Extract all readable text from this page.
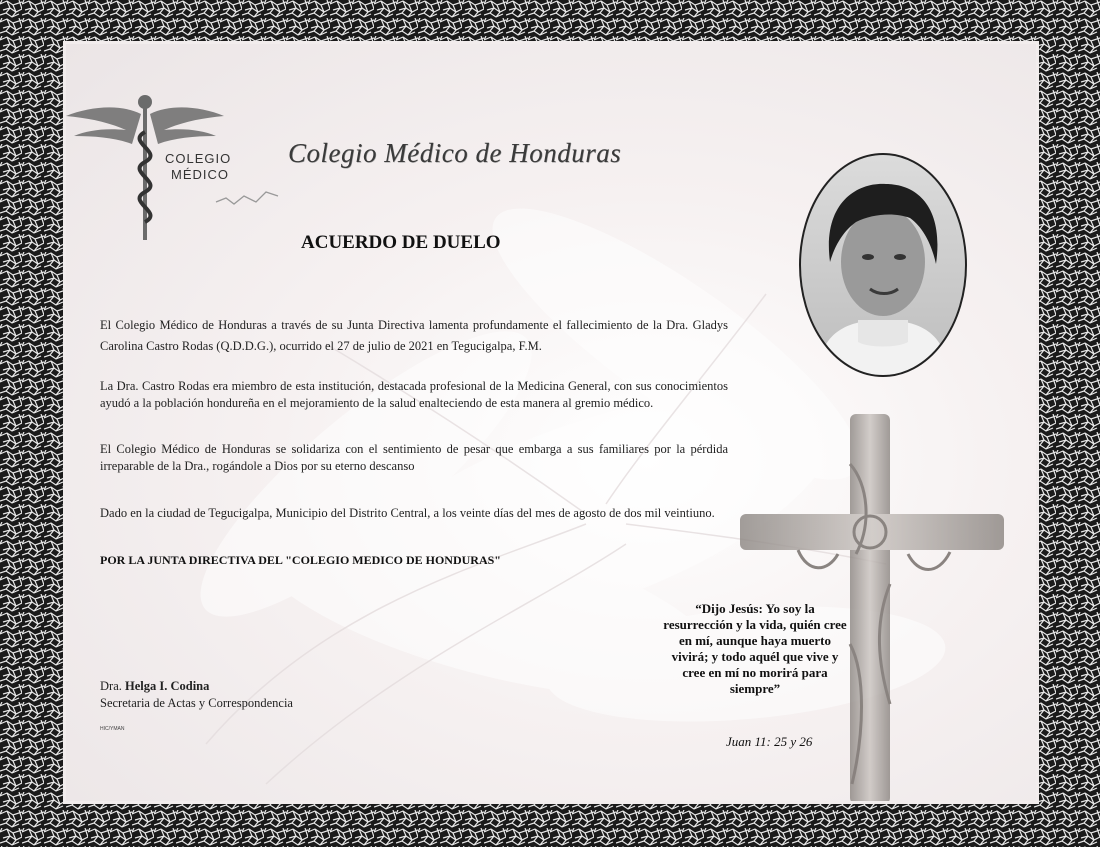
COLEGIO
MÉDICO
Colegio Médico de Honduras
ACUERDO DE DUELO
El Colegio Médico de Honduras a través de su Junta Directiva lamenta profundamente el fallecimiento de la Dra. Gladys Carolina Castro Rodas (Q.D.D.G.), ocurrido el 27 de julio de 2021 en Tegucigalpa, F.M.
La Dra. Castro Rodas era miembro de esta institución, destacada profesional de la Medicina General, con sus conocimientos ayudó a la población hondureña en el mejoramiento de la salud enalteciendo de esta manera al gremio médico.
El Colegio Médico de Honduras se solidariza con el sentimiento de pesar que embarga a sus familiares por la pérdida irreparable de la Dra., rogándole a Dios por su eterno descanso
Dado en la ciudad de Tegucigalpa, Municipio del Distrito Central, a los veinte días del mes de agosto de dos mil veintiuno.
POR LA JUNTA DIRECTIVA DEL "COLEGIO MEDICO DE HONDURAS"
Dra. Helga I. Codina
Secretaria de Actas y Correspondencia
HIC/YMAN
“Dijo Jesús: Yo soy la resurrección y la vida, quién cree en mí, aunque haya muerto vivirá; y todo aquél que vive y cree en mí no morirá para siempre”
Juan 11: 25 y 26
